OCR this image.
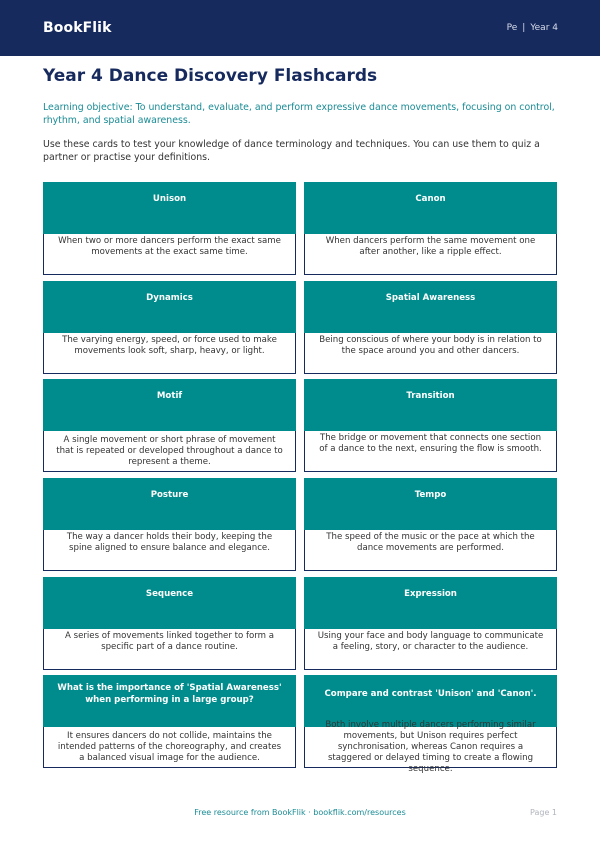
BookFlik	Pe | Year 4
Year 4 Dance Discovery Flashcards

Learning objective: To understand, evaluate, and perform expressive dance movements, focusing on control, rhythm, and spatial awareness.

Use these cards to test your knowledge of dance terminology and techniques. You can use them to quiz a partner or practise your definitions.

Unison
When two or more dancers perform the exact same movements at the exact same time.
Canon
When dancers perform the same movement one after another, like a ripple effect.
Dynamics
The varying energy, speed, or force used to make movements look soft, sharp, heavy, or light.
Spatial Awareness
Being conscious of where your body is in relation to the space around you and other dancers.
Motif
A single movement or short phrase of movement that is repeated or developed throughout a dance to represent a theme.
Transition
The bridge or movement that connects one section of a dance to the next, ensuring the flow is smooth.
Posture
The way a dancer holds their body, keeping the spine aligned to ensure balance and elegance.
Tempo
The speed of the music or the pace at which the dance movements are performed.
Sequence
A series of movements linked together to form a specific part of a dance routine.
Expression
Using your face and body language to communicate a feeling, story, or character to the audience.
What is the importance of 'Spatial Awareness' when performing in a large group?
It ensures dancers do not collide, maintains the intended patterns of the choreography, and creates a balanced visual image for the audience.
Compare and contrast 'Unison' and 'Canon'.
movements, but Unison requires perfect synchronisation, whereas Canon requires a staggered or delayed timing to create a flowing sequence.
Free resource from BookFlik · bookflik.com/resources	Page 1
